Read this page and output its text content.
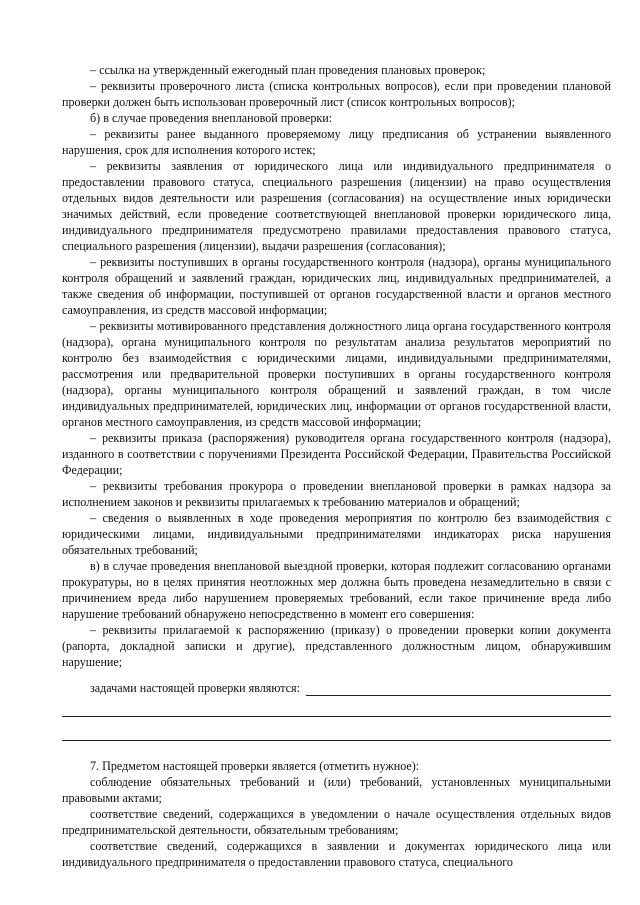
– ссылка на утвержденный ежегодный план проведения плановых проверок;

– реквизиты проверочного листа (списка контрольных вопросов), если при проведении плановой проверки должен быть использован проверочный лист (список контрольных вопросов);

б) в случае проведения внеплановой проверки:

– реквизиты ранее выданного проверяемому лицу предписания об устранении выявленного нарушения, срок для исполнения которого истек;

– реквизиты заявления от юридического лица или индивидуального предпринимателя о предоставлении правового статуса, специального разрешения (лицензии) на право осуществления отдельных видов деятельности или разрешения (согласования) на осуществление иных юридически значимых действий, если проведение соответствующей внеплановой проверки юридического лица, индивидуального предпринимателя предусмотрено правилами предоставления правового статуса, специального разрешения (лицензии), выдачи разрешения (согласования);

– реквизиты поступивших в органы государственного контроля (надзора), органы муниципального контроля обращений и заявлений граждан, юридических лиц, индивидуальных предпринимателей, а также сведения об информации, поступившей от органов государственной власти и органов местного самоуправления, из средств массовой информации;

– реквизиты мотивированного представления должностного лица органа государственного контроля (надзора), органа муниципального контроля по результатам анализа результатов мероприятий по контролю без взаимодействия с юридическими лицами, индивидуальными предпринимателями, рассмотрения или предварительной проверки поступивших в органы государственного контроля (надзора), органы муниципального контроля обращений и заявлений граждан, в том числе индивидуальных предпринимателей, юридических лиц, информации от органов государственной власти, органов местного самоуправления, из средств массовой информации;

– реквизиты приказа (распоряжения) руководителя органа государственного контроля (надзора), изданного в соответствии с поручениями Президента Российской Федерации, Правительства Российской Федерации;

– реквизиты требования прокурора о проведении внеплановой проверки в рамках надзора за исполнением законов и реквизиты прилагаемых к требованию материалов и обращений;

– сведения о выявленных в ходе проведения мероприятия по контролю без взаимодействия с юридическими лицами, индивидуальными предпринимателями индикаторах риска нарушения обязательных требований;

в) в случае проведения внеплановой выездной проверки, которая подлежит согласованию органами прокуратуры, но в целях принятия неотложных мер должна быть проведена незамедлительно в связи с причинением вреда либо нарушением проверяемых требований, если такое причинение вреда либо нарушение требований обнаружено непосредственно в момент его совершения:

– реквизиты прилагаемой к распоряжению (приказу) о проведении проверки копии документа (рапорта, докладной записки и другие), представленного должностным лицом, обнаружившим нарушение;

задачами настоящей проверки являются:

7. Предметом настоящей проверки является (отметить нужное):

соблюдение обязательных требований и (или) требований, установленных муниципальными правовыми актами;

соответствие сведений, содержащихся в уведомлении о начале осуществления отдельных видов предпринимательской деятельности, обязательным требованиям;

соответствие сведений, содержащихся в заявлении и документах юридического лица или индивидуального предпринимателя о предоставлении правового статуса, специального
